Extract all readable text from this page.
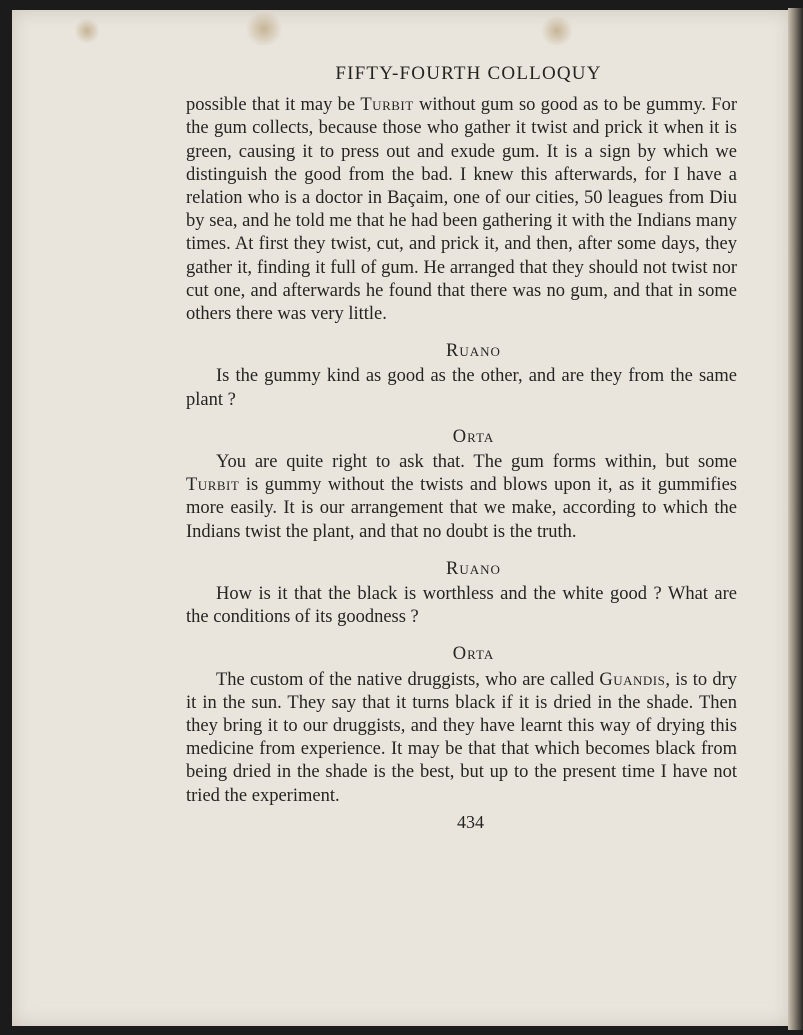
FIFTY-FOURTH COLLOQUY

possible that it may be Turbit without gum so good as to be gummy. For the gum collects, because those who gather it twist and prick it when it is green, causing it to press out and exude gum. It is a sign by which we distinguish the good from the bad. I knew this afterwards, for I have a relation who is a doctor in Baçaim, one of our cities, 50 leagues from Diu by sea, and he told me that he had been gathering it with the Indians many times. At first they twist, cut, and prick it, and then, after some days, they gather it, finding it full of gum. He arranged that they should not twist nor cut one, and afterwards he found that there was no gum, and that in some others there was very little.

Ruano

Is the gummy kind as good as the other, and are they from the same plant ?

Orta

You are quite right to ask that. The gum forms within, but some Turbit is gummy without the twists and blows upon it, as it gummifies more easily. It is our arrangement that we make, according to which the Indians twist the plant, and that no doubt is the truth.

Ruano

How is it that the black is worthless and the white good ? What are the conditions of its goodness ?

Orta

The custom of the native druggists, who are called Guandis, is to dry it in the sun. They say that it turns black if it is dried in the shade. Then they bring it to our druggists, and they have learnt this way of drying this medicine from experience. It may be that that which becomes black from being dried in the shade is the best, but up to the present time I have not tried the experiment.

434
